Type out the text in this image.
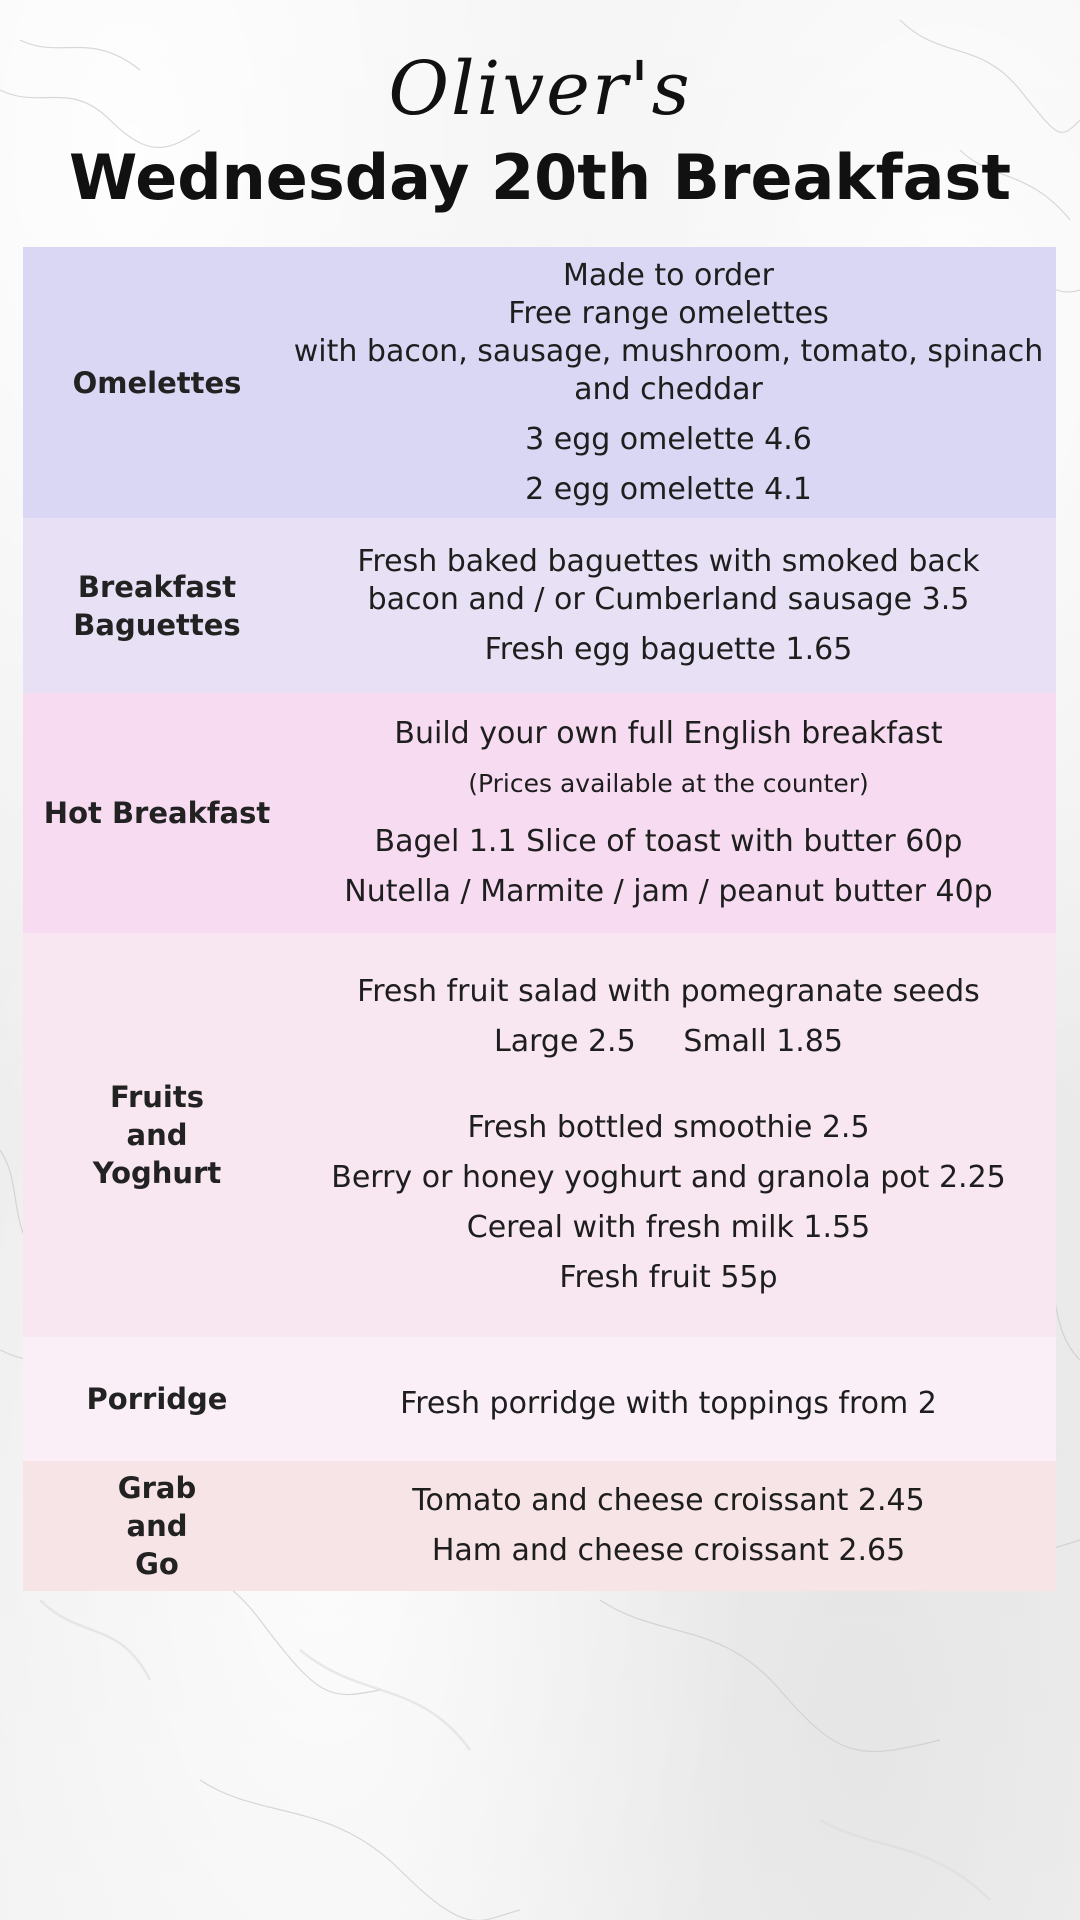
Oliver's
Wednesday 20th Breakfast
Omelettes
Made to order
Free range omelettes
with bacon, sausage, mushroom, tomato, spinach and cheddar
3 egg omelette 4.6
2 egg omelette 4.1
Breakfast Baguettes
Fresh baked baguettes with smoked back bacon and / or Cumberland sausage 3.5
Fresh egg baguette 1.65
Hot Breakfast
Build your own full English breakfast
(Prices available at the counter)
Bagel 1.1 Slice of toast with butter 60p
Nutella / Marmite / jam / peanut butter 40p
Fruits and Yoghurt
Fresh fruit salad with pomegranate seeds
Large 2.5     Small 1.85
Fresh bottled smoothie 2.5
Berry or honey yoghurt and granola pot 2.25
Cereal with fresh milk 1.55
Fresh fruit 55p
Porridge	Fresh porridge with toppings from 2
Grab and Go
Tomato and cheese croissant 2.45
Ham and cheese croissant 2.65
